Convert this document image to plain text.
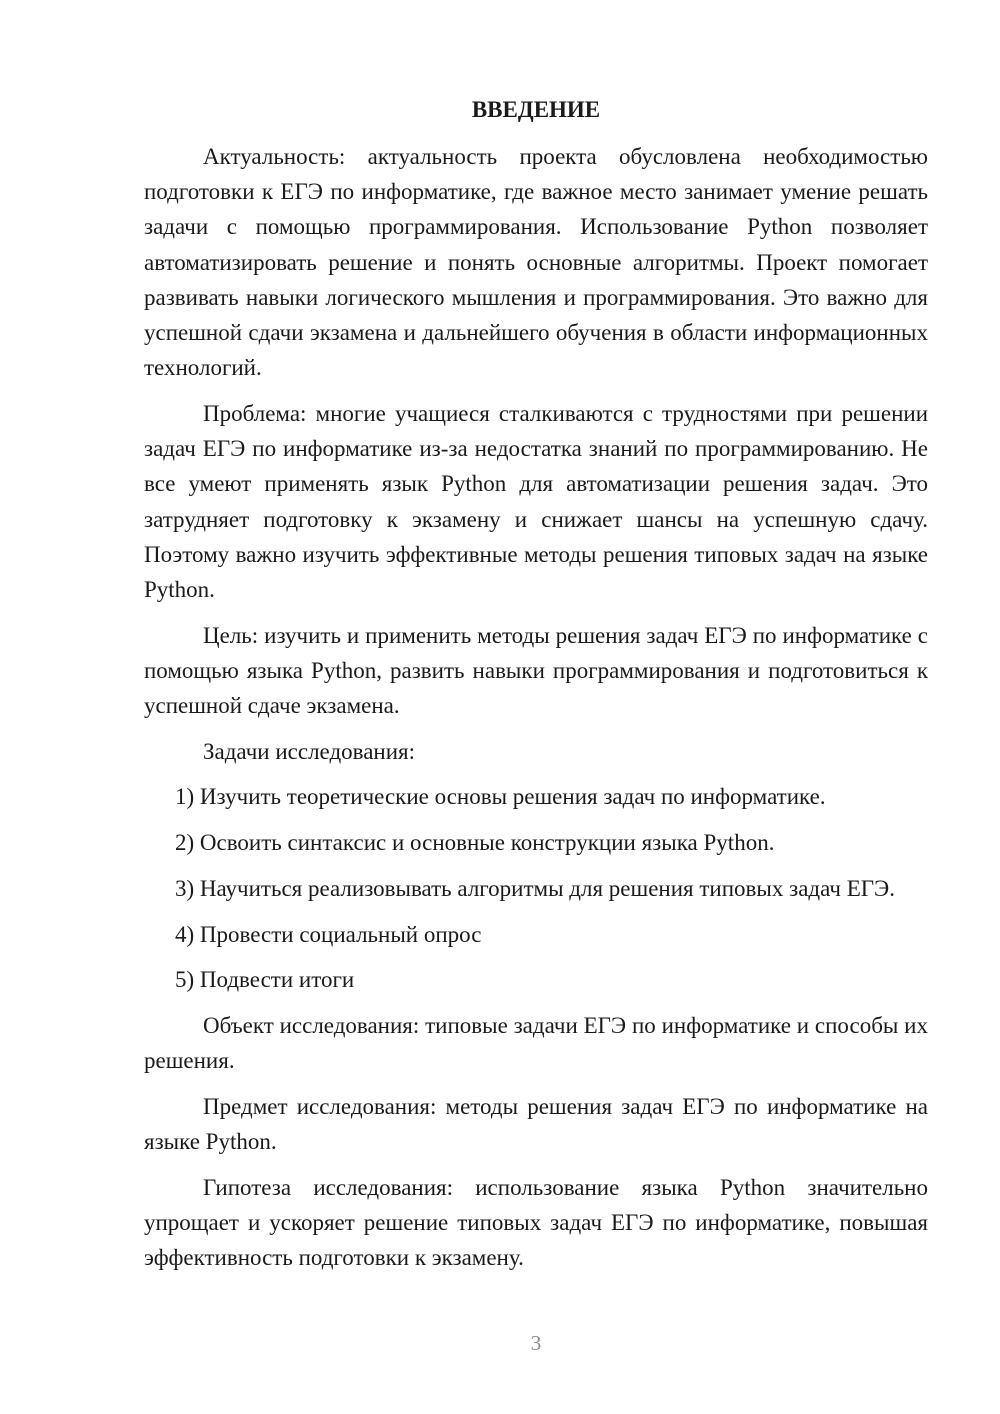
ВВЕДЕНИЕ

Актуальность: актуальность проекта обусловлена необходимостью подготовки к ЕГЭ по информатике, где важное место занимает умение решать задачи с помощью программирования. Использование Python позволяет автоматизировать решение и понять основные алгоритмы. Проект помогает развивать навыки логического мышления и программирования. Это важно для успешной сдачи экзамена и дальнейшего обучения в области информационных технологий.

Проблема: многие учащиеся сталкиваются с трудностями при решении задач ЕГЭ по информатике из-за недостатка знаний по программированию. Не все умеют применять язык Python для автоматизации решения задач. Это затрудняет подготовку к экзамену и снижает шансы на успешную сдачу. Поэтому важно изучить эффективные методы решения типовых задач на языке Python.

Цель: изучить и применить методы решения задач ЕГЭ по информатике с помощью языка Python, развить навыки программирования и подготовиться к успешной сдаче экзамена.

Задачи исследования:

1) Изучить теоретические основы решения задач по информатике.

2) Освоить синтаксис и основные конструкции языка Python.

3) Научиться реализовывать алгоритмы для решения типовых задач ЕГЭ.

4) Провести социальный опрос

5) Подвести итоги

Объект исследования: типовые задачи ЕГЭ по информатике и способы их решения.

Предмет исследования: методы решения задач ЕГЭ по информатике на языке Python.

Гипотеза исследования: использование языка Python значительно упрощает и ускоряет решение типовых задач ЕГЭ по информатике, повышая эффективность подготовки к экзамену.

3
